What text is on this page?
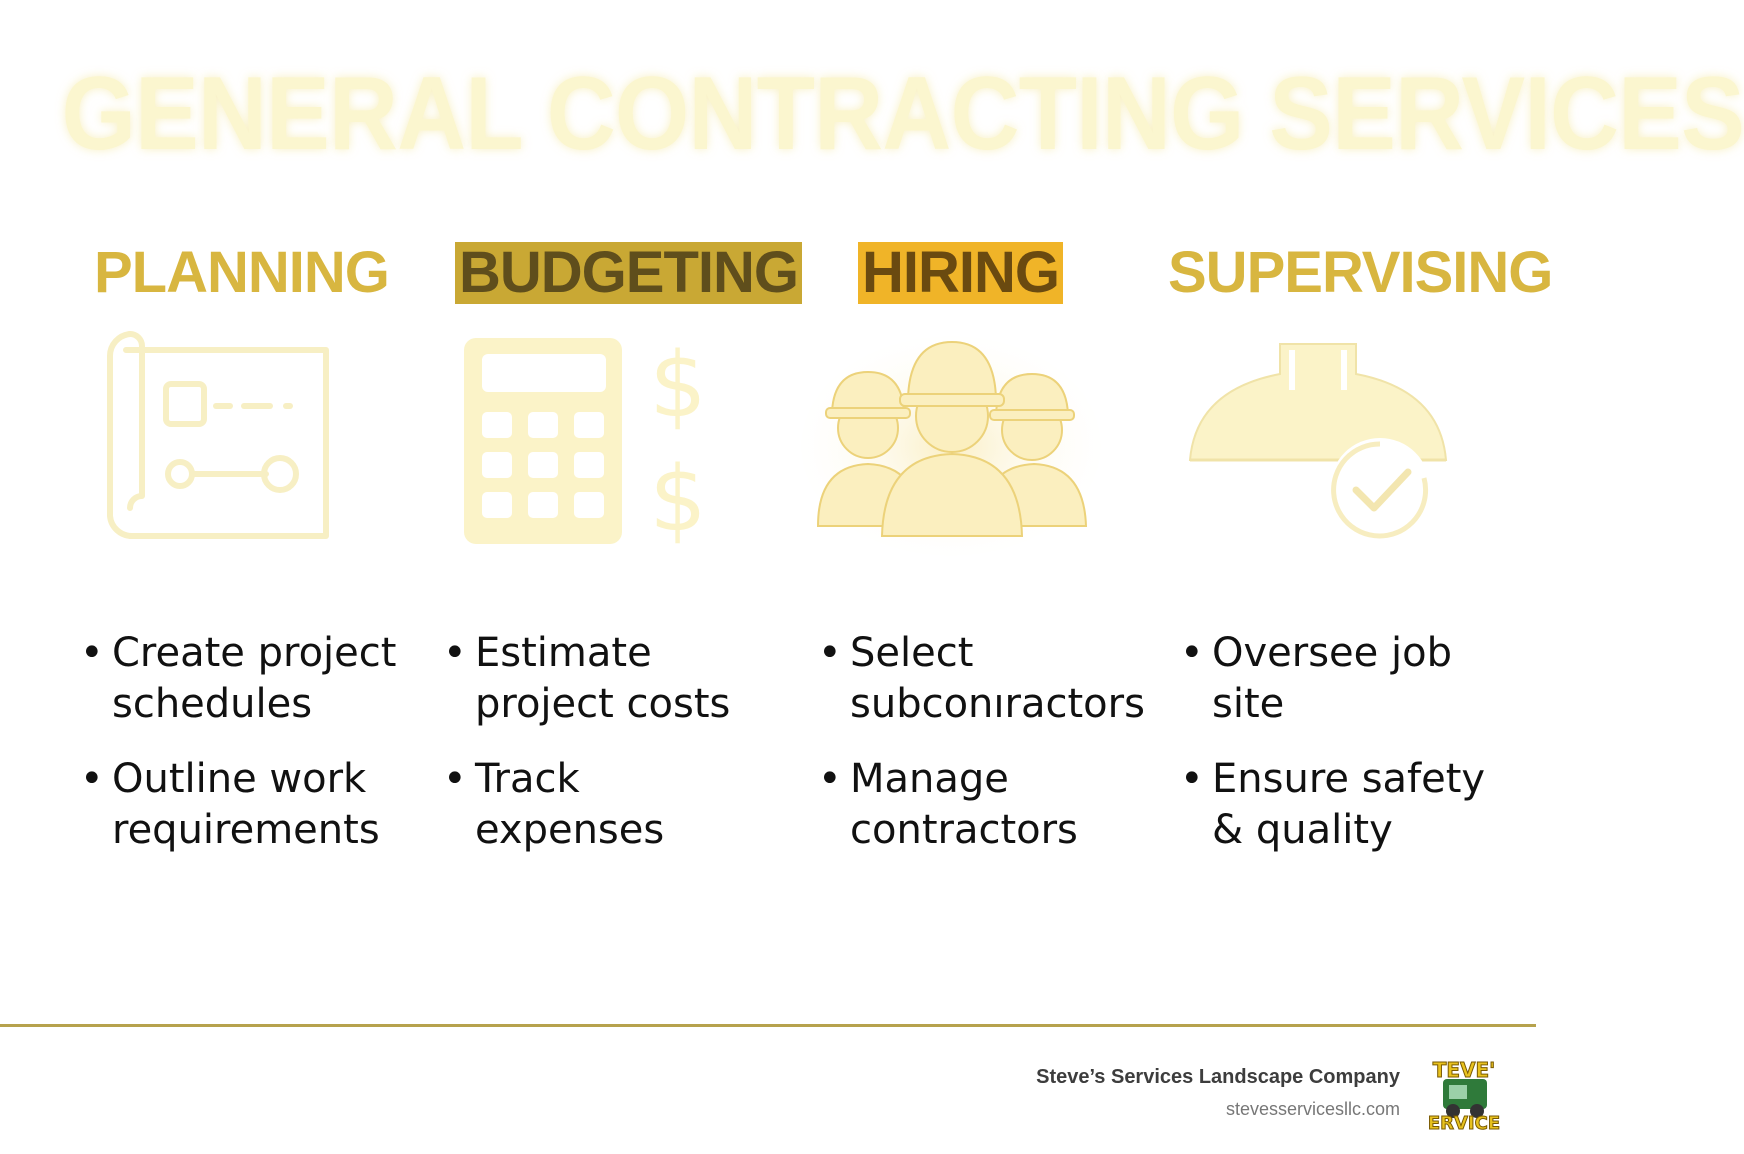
GENERAL CONTRACTING SERVICES
PLANNING
• Create project schedules
• Outline work requirements
BUDGETING
$
$
• Estimate project costs
• Track expenses
HIRING
• Select subconıractors
• Manage contractors
SUPERVISING
• Oversee job site
• Ensure safety & quality
Steve’s Services Landscape Company
stevesservicesllc.com
TEVE'
ERVICE
